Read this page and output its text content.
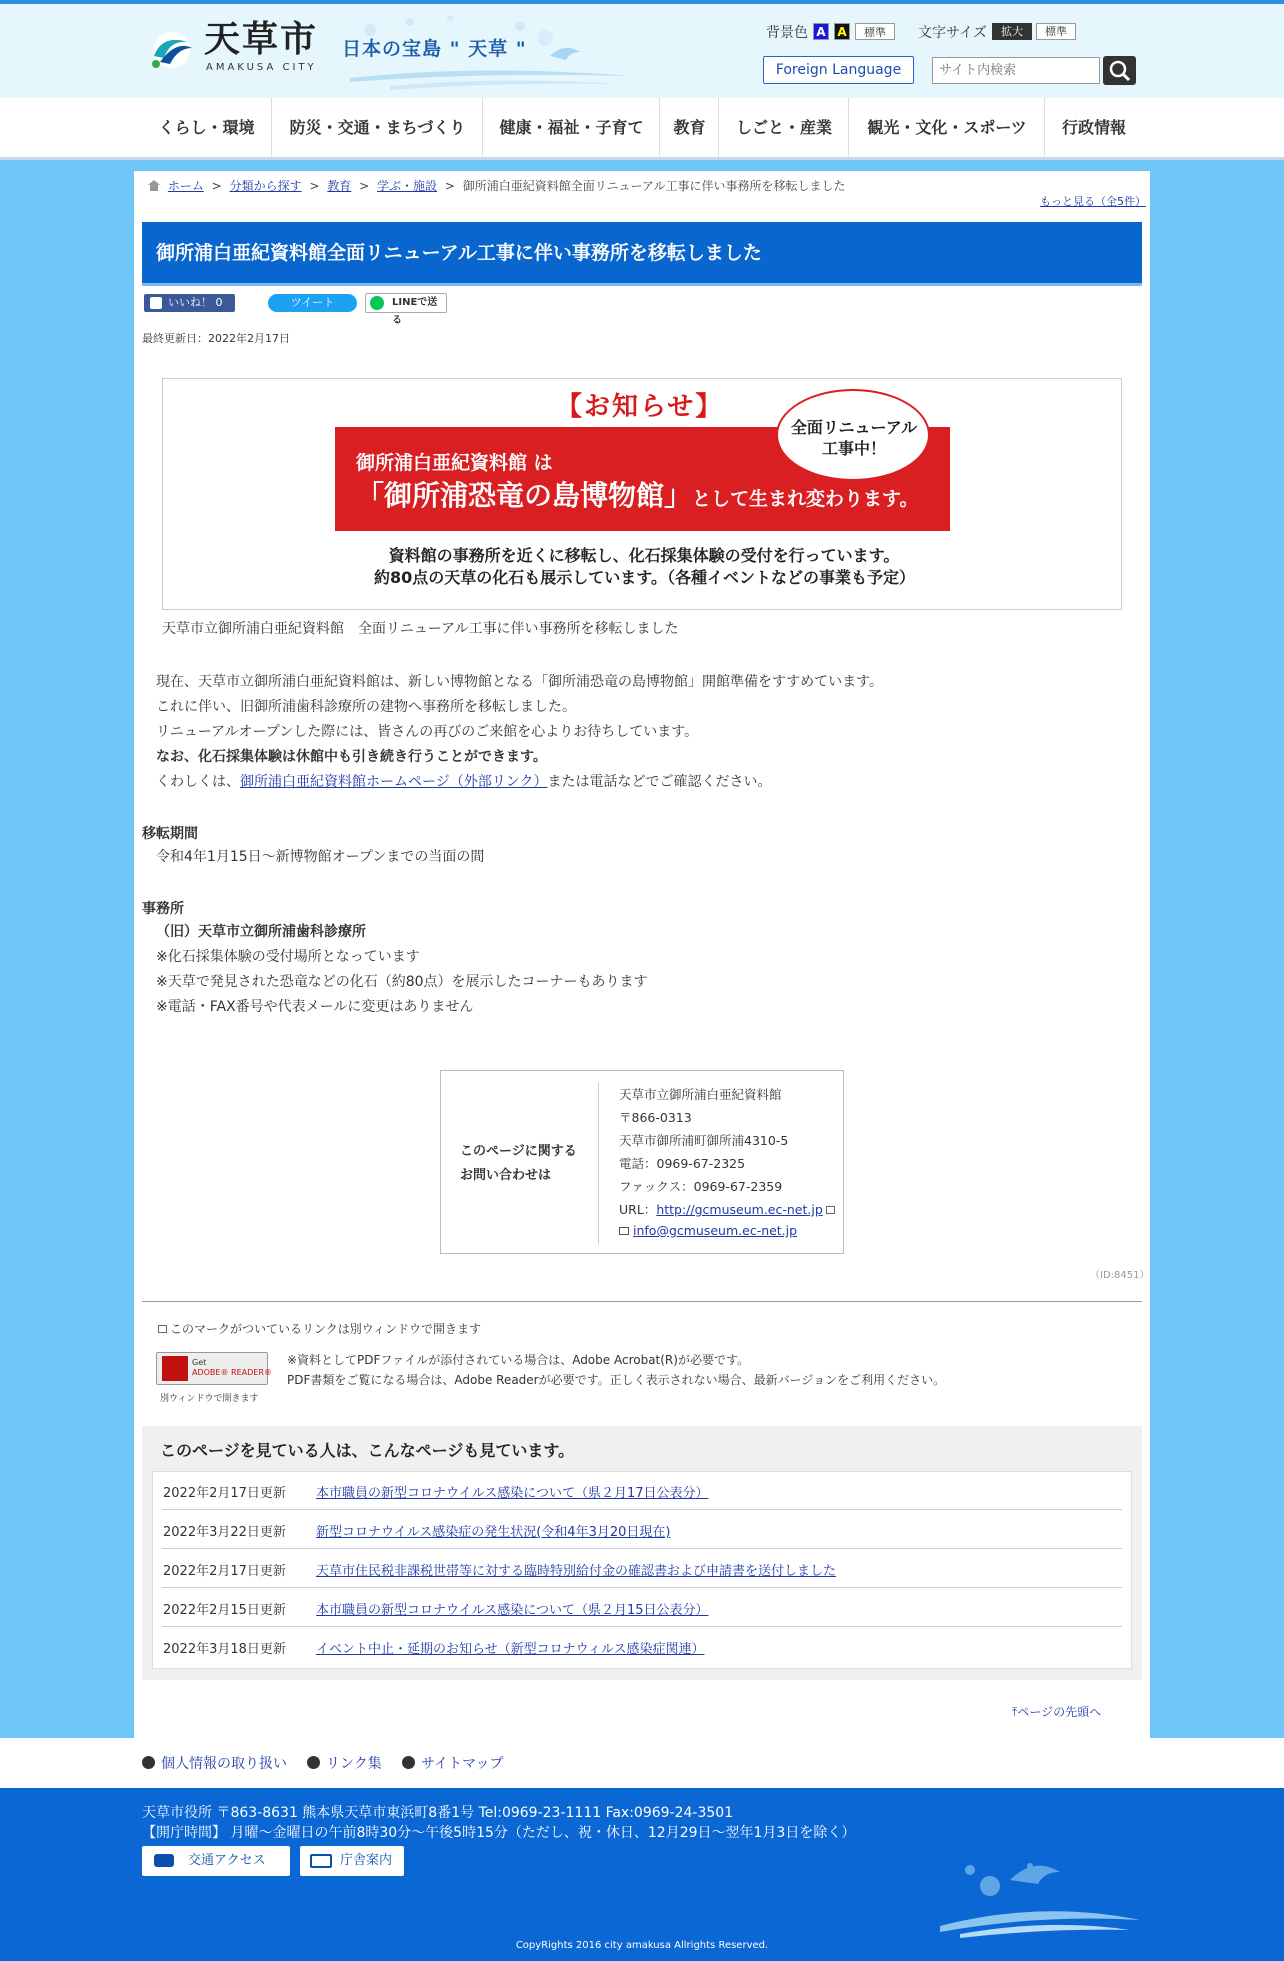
天草市
AMAKUSA CITY
日本の宝島 " 天草 "
背景色 A A	標準	文字サイズ	拡大	標準
Foreign Language
サイト内検索
くらし・環境	防災・交通・まちづくり	健康・福祉・子育て	教育	しごと・産業	観光・文化・スポーツ	行政情報
ホーム > 分類から探す > 教育 > 学ぶ・施設 > 御所浦白亜紀資料館全面リニューアル工事に伴い事務所を移転しました
もっと見る（全5件）
御所浦白亜紀資料館全面リニューアル工事に伴い事務所を移転しました
いいね！ 0	ツイート	LINEで送る
最終更新日：2022年2月17日
【お知らせ】
御所浦白亜紀資料館 は
「御所浦恐竜の島博物館」として生まれ変わります。
全面リニューアル
工事中！
資料館の事務所を近くに移転し、化石採集体験の受付を行っています。
約80点の天草の化石も展示しています。（各種イベントなどの事業も予定）
天草市立御所浦白亜紀資料館　全面リニューアル工事に伴い事務所を移転しました
現在、天草市立御所浦白亜紀資料館は、新しい博物館となる「御所浦恐竜の島博物館」開館準備をすすめています。
これに伴い、旧御所浦歯科診療所の建物へ事務所を移転しました。
リニューアルオープンした際には、皆さんの再びのご来館を心よりお待ちしています。
なお、化石採集体験は休館中も引き続き行うことができます。
くわしくは、御所浦白亜紀資料館ホームページ（外部リンク）または電話などでご確認ください。
移転期間
令和4年1月15日～新博物館オープンまでの当面の間
事務所
（旧）天草市立御所浦歯科診療所
※化石採集体験の受付場所となっています
※天草で発見された恐竜などの化石（約80点）を展示したコーナーもあります
※電話・FAX番号や代表メールに変更はありません
このページに関する
お問い合わせは
天草市立御所浦白亜紀資料館
〒866-0313
天草市御所浦町御所浦4310-5
電話：0969-67-2325
ファックス：0969-67-2359
URL：http://gcmuseum.ec-net.jp
info@gcmuseum.ec-net.jp
（ID:8451）
このマークがついているリンクは別ウィンドウで開きます
Get
ADOBE® READER®
別ウィンドウで開きます
※資料としてPDFファイルが添付されている場合は、Adobe Acrobat(R)が必要です。
PDF書類をご覧になる場合は、Adobe Readerが必要です。正しく表示されない場合、最新バージョンをご利用ください。
このページを見ている人は、こんなページも見ています。
2022年2月17日更新 本市職員の新型コロナウイルス感染について（県２月17日公表分）
2022年3月22日更新 新型コロナウイルス感染症の発生状況(令和4年3月20日現在)
2022年2月17日更新 天草市住民税非課税世帯等に対する臨時特別給付金の確認書および申請書を送付しました
2022年2月15日更新 本市職員の新型コロナウイルス感染について（県２月15日公表分）
2022年3月18日更新 イベント中止・延期のお知らせ（新型コロナウィルス感染症関連）
⤒ページの先頭へ
個人情報の取り扱い	リンク集	サイトマップ
天草市役所 〒863-8631 熊本県天草市東浜町8番1号 Tel:0969-23-1111 Fax:0969-24-3501
【開庁時間】 月曜～金曜日の午前8時30分～午後5時15分（ただし、祝・休日、12月29日～翌年1月3日を除く）
交通アクセス	庁舎案内
CopyRights 2016 city amakusa Allrights Reserved.
